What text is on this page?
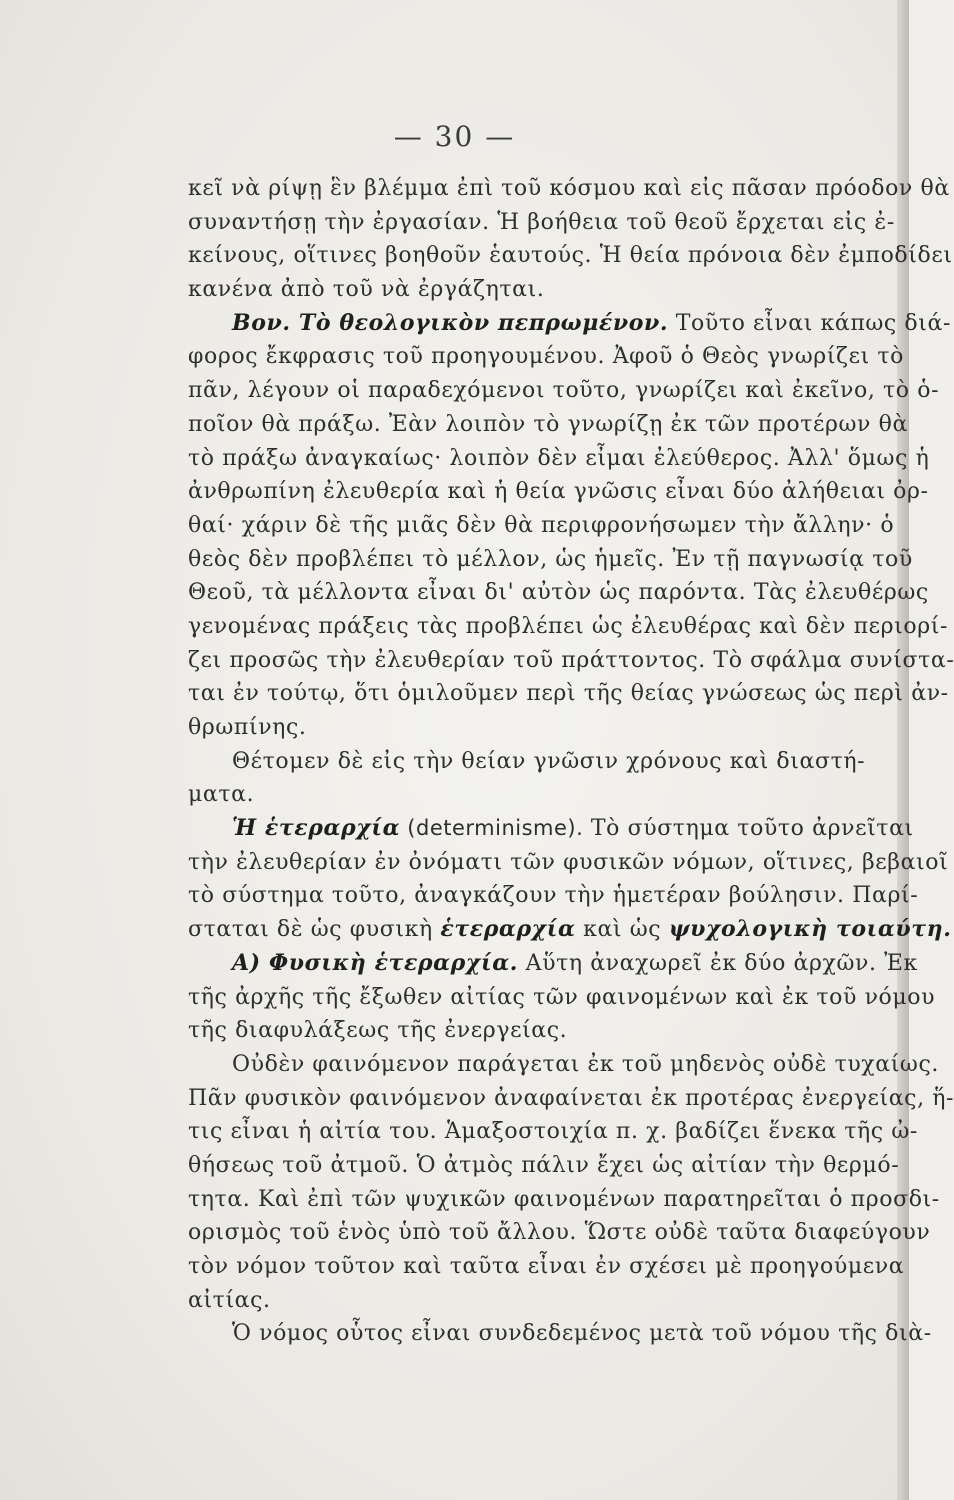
— 30 —
κεῖ νὰ ρίψῃ ἓν βλέμμα ἐπὶ τοῦ κόσμου καὶ εἰς πᾶσαν πρόοδον θὰ
συναντήσῃ τὴν ἐργασίαν. Ἡ βοήθεια τοῦ θεοῦ ἔρχεται εἰς ἐ-
κείνους, οἵτινες βοηθοῦν ἑαυτούς. Ἡ θεία πρόνοια δὲν ἐμποδίδει
κανένα ἀπὸ τοῦ νὰ ἐργάζηται.
Βον. Τὸ θεολογικὸν πεπρωμένον. Τοῦτο εἶναι κάπως διά-
φορος ἔκφρασις τοῦ προηγουμένου. Ἀφοῦ ὁ Θεὸς γνωρίζει τὸ
πᾶν, λέγουν οἱ παραδεχόμενοι τοῦτο, γνωρίζει καὶ ἐκεῖνο, τὸ ὁ-
ποῖον θὰ πράξω. Ἐὰν λοιπὸν τὸ γνωρίζῃ ἐκ τῶν προτέρων θὰ
τὸ πράξω ἀναγκαίως· λοιπὸν δὲν εἶμαι ἐλεύθερος. Ἀλλ' ὅμως ἡ
ἀνθρωπίνη ἐλευθερία καὶ ἡ θεία γνῶσις εἶναι δύο ἀλήθειαι ὀρ-
θαί· χάριν δὲ τῆς μιᾶς δὲν θὰ περιφρονήσωμεν τὴν ἄλλην· ὁ
θεὸς δὲν προβλέπει τὸ μέλλον, ὡς ἡμεῖς. Ἐν τῇ παγνωσίᾳ τοῦ
Θεοῦ, τὰ μέλλοντα εἶναι δι' αὐτὸν ὡς παρόντα. Τὰς ἐλευθέρως
γενομένας πράξεις τὰς προβλέπει ὡς ἐλευθέρας καὶ δὲν περιορί-
ζει προσῶς τὴν ἐλευθερίαν τοῦ πράττοντος. Τὸ σφάλμα συνίστα-
ται ἐν τούτῳ, ὅτι ὁμιλοῦμεν περὶ τῆς θείας γνώσεως ὡς περὶ ἀν-
θρωπίνης.
Θέτομεν δὲ εἰς τὴν θείαν γνῶσιν χρόνους καὶ διαστή-
ματα.
Ἡ ἑτεραρχία (determinisme). Τὸ σύστημα τοῦτο ἀρνεῖται
τὴν ἐλευθερίαν ἐν ὀνόματι τῶν φυσικῶν νόμων, οἵτινες, βεβαιοῖ
τὸ σύστημα τοῦτο, ἀναγκάζουν τὴν ἡμετέραν βούλησιν. Παρί-
σταται δὲ ὡς φυσικὴ ἑτεραρχία καὶ ὡς ψυχολογικὴ τοιαύτη.
Α) Φυσικὴ ἑτεραρχία. Αὕτη ἀναχωρεῖ ἐκ δύο ἀρχῶν. Ἐκ
τῆς ἀρχῆς τῆς ἔξωθεν αἰτίας τῶν φαινομένων καὶ ἐκ τοῦ νόμου
τῆς διαφυλάξεως τῆς ἐνεργείας.
Οὐδὲν φαινόμενον παράγεται ἐκ τοῦ μηδενὸς οὐδὲ τυχαίως.
Πᾶν φυσικὸν φαινόμενον ἀναφαίνεται ἐκ προτέρας ἐνεργείας, ἥ-
τις εἶναι ἡ αἰτία του. Ἁμαξοστοιχία π. χ. βαδίζει ἕνεκα τῆς ὠ-
θήσεως τοῦ ἀτμοῦ. Ὁ ἀτμὸς πάλιν ἔχει ὡς αἰτίαν τὴν θερμό-
τητα. Καὶ ἐπὶ τῶν ψυχικῶν φαινομένων παρατηρεῖται ὁ προσδι-
ορισμὸς τοῦ ἑνὸς ὑπὸ τοῦ ἄλλου. Ὥστε οὐδὲ ταῦτα διαφεύγουν
τὸν νόμον τοῦτον καὶ ταῦτα εἶναι ἐν σχέσει μὲ προηγούμενα
αἰτίας.
Ὁ νόμος οὗτος εἶναι συνδεδεμένος μετὰ τοῦ νόμου τῆς διὰ-
